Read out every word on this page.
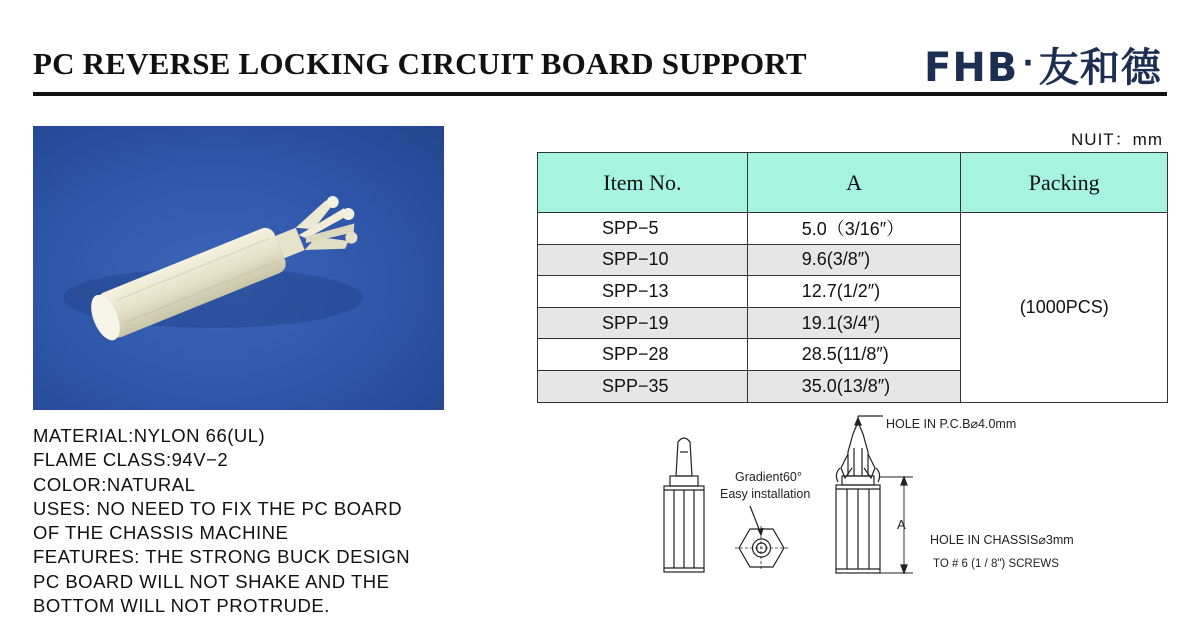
PC REVERSE LOCKING CIRCUIT BOARD SUPPORT	FHB · 友和德
NUIT：mm
Item No.	A	Packing
SPP−5	5.0（3/16″）	(1000PCS)
SPP−10	9.6(3/8″)	
SPP−13	12.7(1/2″)	
SPP−19	19.1(3/4″)	
SPP−28	28.5(11/8″)	
SPP−35	35.0(13/8″)	
MATERIAL:NYLON 66(UL)
FLAME CLASS:94V−2
COLOR:NATURAL
USES: NO NEED TO FIX THE PC BOARD
OF THE CHASSIS MACHINE
FEATURES: THE STRONG BUCK DESIGN
PC BOARD WILL NOT SHAKE AND THE
BOTTOM WILL NOT PROTRUDE.
HOLE IN P.C.B⌀4.0mm
Gradient60°
Easy installation
A
HOLE IN CHASSIS⌀3mm
TO # 6 (1 / 8") SCREWS
